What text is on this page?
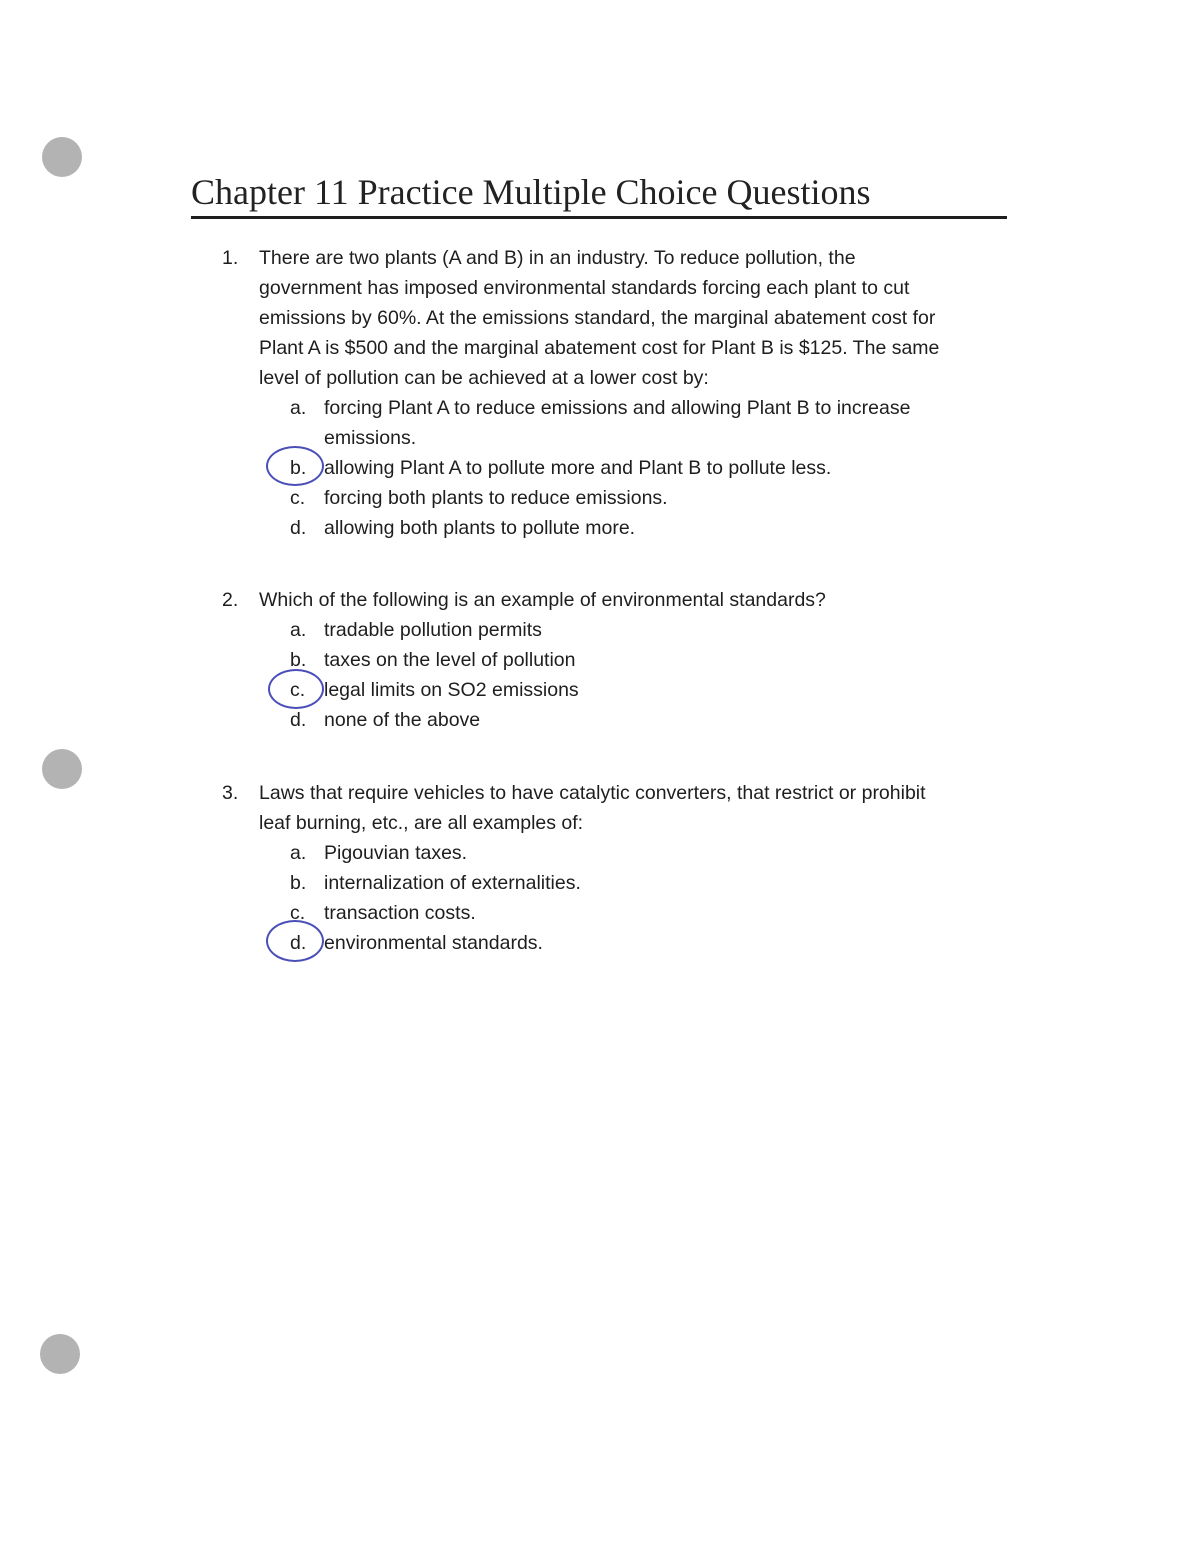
Chapter 11 Practice Multiple Choice Questions
1. There are two plants (A and B) in an industry. To reduce pollution, the
government has imposed environmental standards forcing each plant to cut
emissions by 60%. At the emissions standard, the marginal abatement cost for
Plant A is $500 and the marginal abatement cost for Plant B is $125. The same
level of pollution can be achieved at a lower cost by:
a. forcing Plant A to reduce emissions and allowing Plant B to increase
emissions.
b. allowing Plant A to pollute more and Plant B to pollute less.
c. forcing both plants to reduce emissions.
d. allowing both plants to pollute more.
2. Which of the following is an example of environmental standards?
a. tradable pollution permits
b. taxes on the level of pollution
c. legal limits on SO2 emissions
d. none of the above
3. Laws that require vehicles to have catalytic converters, that restrict or prohibit
leaf burning, etc., are all examples of:
a. Pigouvian taxes.
b. internalization of externalities.
c. transaction costs.
d. environmental standards.
